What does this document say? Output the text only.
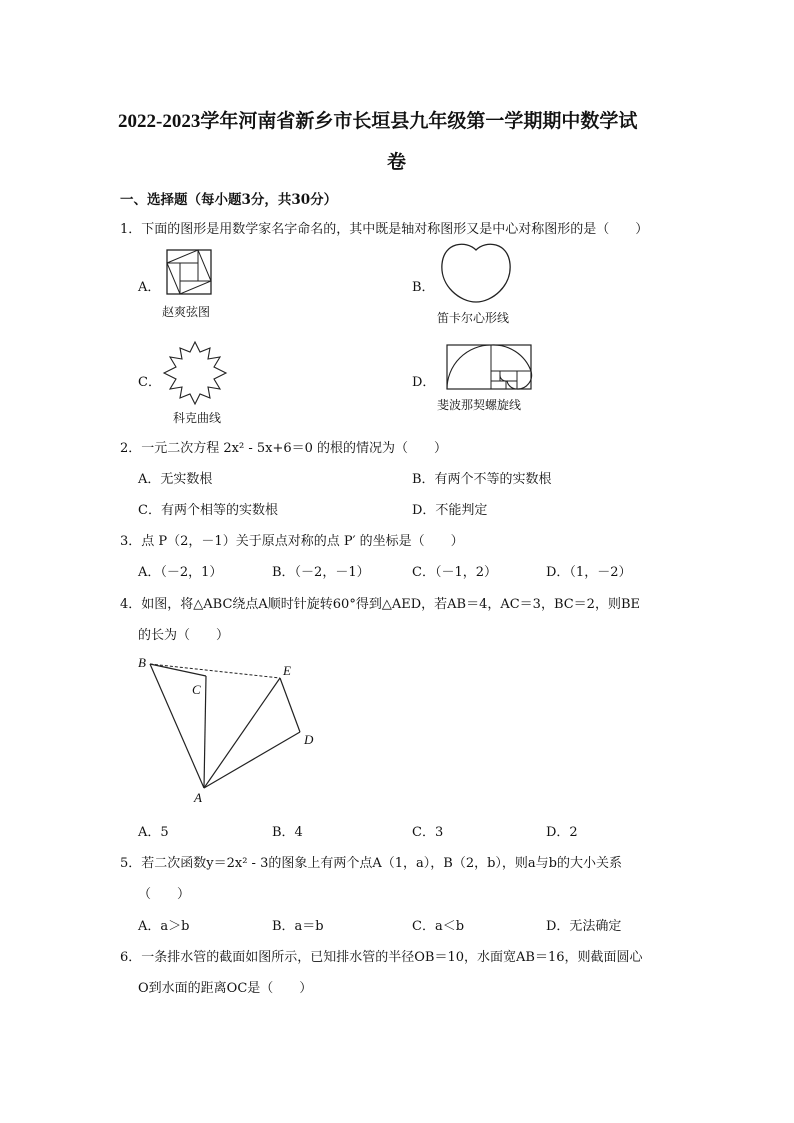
2022-2023学年河南省新乡市长垣县九年级第一学期期中数学试
卷
一、选择题（每小题3分，共30分）
1．下面的图形是用数学家名字命名的，其中既是轴对称图形又是中心对称图形的是（　　）
A．
赵爽弦图
B．
笛卡尔心形线
C．
科克曲线
D．
斐波那契螺旋线
2．一元二次方程 2x² - 5x+6＝0 的根的情况为（　　）
A．无实数根	B．有两个不等的实数根
C．有两个相等的实数根	D．不能判定
3．点 P（2，－1）关于原点对称的点 P′ 的坐标是（　　）
A．（－2，1）	B．（－2，－1）	C．（－1，2）	D．（1，－2）
4．如图，将△ABC绕点A顺时针旋转60°得到△AED，若AB＝4，AC＝3，BC＝2，则BE
的长为（　　）
B
C
E
D
A
A．5	B．4	C．3	D．2
5．若二次函数y＝2x² - 3的图象上有两个点A（1，a），B（2，b），则a与b的大小关系
（　　）
A．a＞b	B．a＝b	C．a＜b	D．无法确定
6．一条排水管的截面如图所示，已知排水管的半径OB＝10，水面宽AB＝16，则截面圆心
O到水面的距离OC是（　　）
